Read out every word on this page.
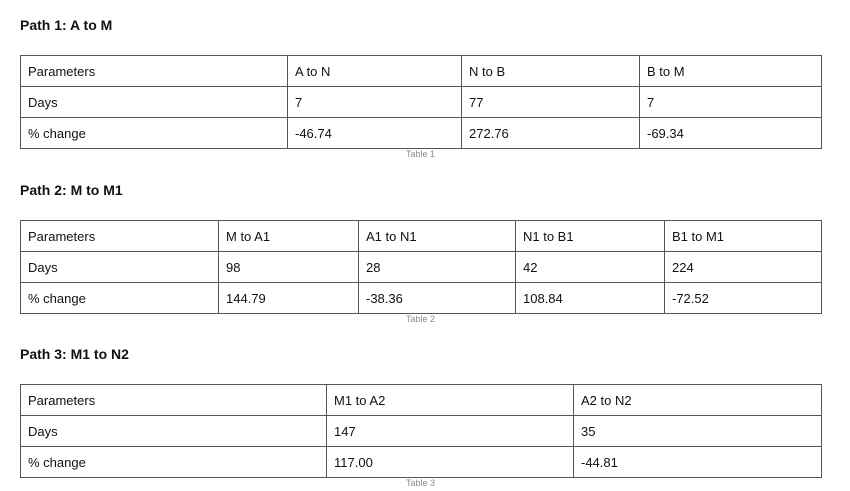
Path 1: A to M
Parameters	A to N	N to B	B to M
Days	7	77	7
% change	-46.74	272.76	-69.34
Table 1
Path 2: M to M1
Parameters	M to A1	A1 to N1	N1 to B1	B1 to M1
Days	98	28	42	224
% change	144.79	-38.36	108.84	-72.52
Table 2
Path 3: M1 to N2
Parameters	M1 to A2	A2 to N2
Days	147	35
% change	117.00	-44.81
Table 3
